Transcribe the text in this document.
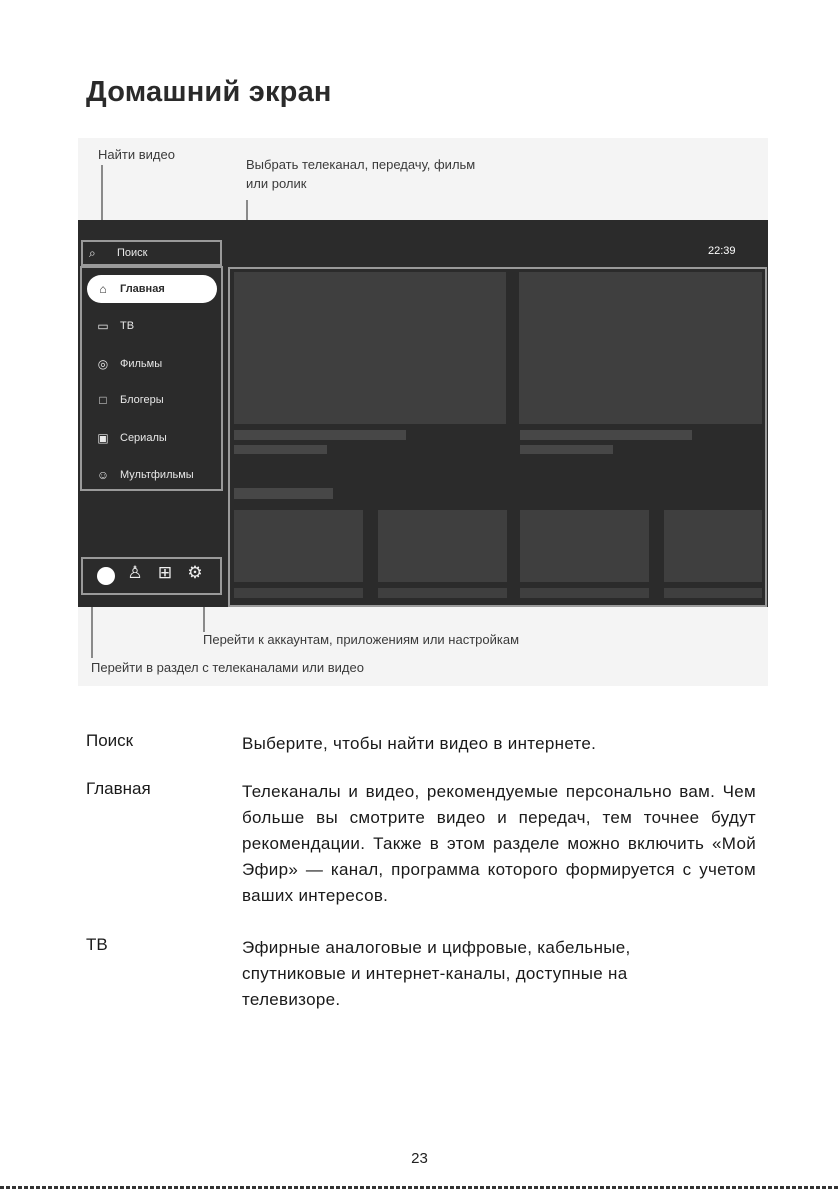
Домашний экран
Найти видео
Выбрать телеканал, передачу, фильм или ролик
Перейти к аккаунтам, приложениям или настройкам
Перейти в раздел с телеканалами или видео
22:39
⌕ Поиск
⌂	Главная
▭	ТВ
◎	Фильмы
□	Блогеры
▣	Сериалы
☺ Мультфильмы
♙ ⊞ ⚙
Поиск	Выберите, чтобы найти видео в интернете.
Главная	Телеканалы и видео, рекомендуемые персонально вам. Чем больше вы смотрите видео и передач, тем точнее будут рекомендации. Также в этом разделе можно включить «Мой Эфир» — канал, программа которого формируется с учетом ваших интересов.
ТВ	Эфирные аналоговые и цифровые, кабельные, спутниковые и интернет-каналы, доступные на телевизоре.
23
